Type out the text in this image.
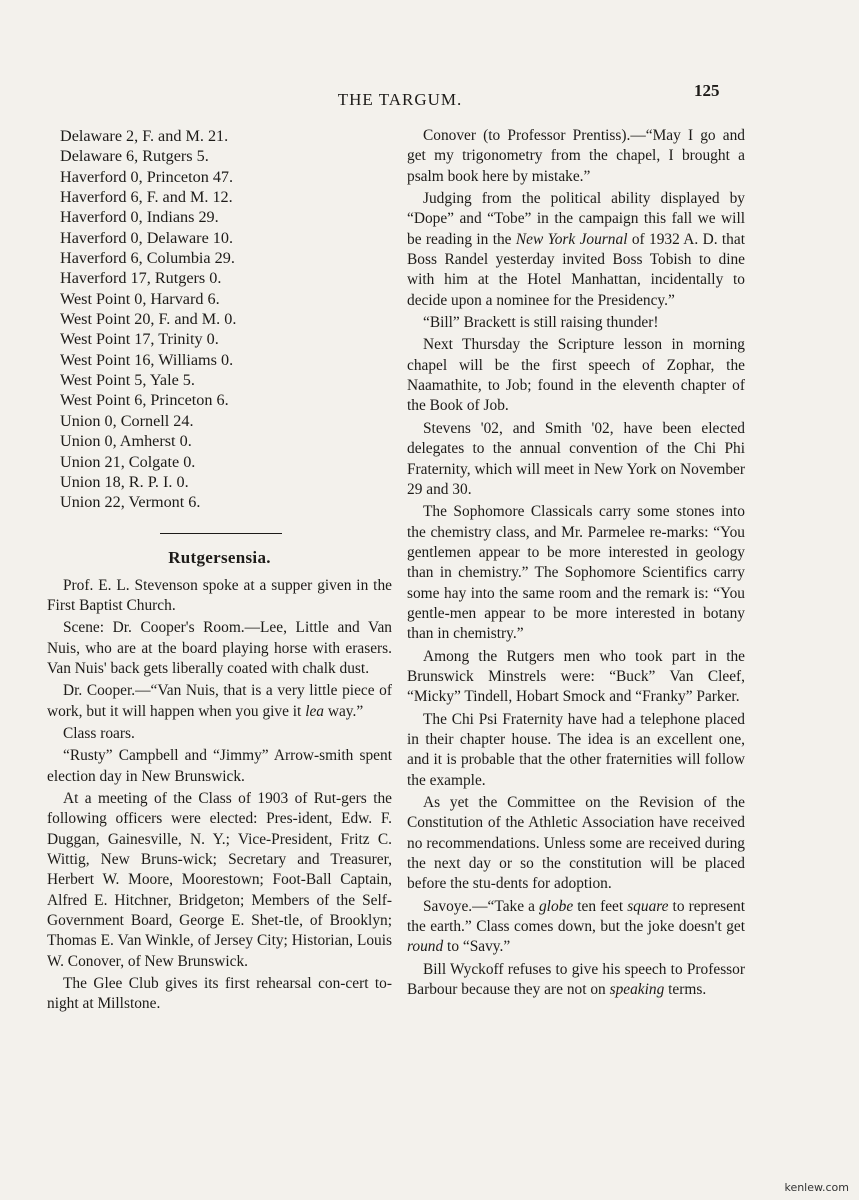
THE TARGUM.	125
Delaware 2, F. and M. 21.
Delaware 6, Rutgers 5.
Haverford 0, Princeton 47.
Haverford 6, F. and M. 12.
Haverford 0, Indians 29.
Haverford 0, Delaware 10.
Haverford 6, Columbia 29.
Haverford 17, Rutgers 0.
West Point 0, Harvard 6.
West Point 20, F. and M. 0.
West Point 17, Trinity 0.
West Point 16, Williams 0.
West Point 5, Yale 5.
West Point 6, Princeton 6.
Union 0, Cornell 24.
Union 0, Amherst 0.
Union 21, Colgate 0.
Union 18, R. P. I. 0.
Union 22, Vermont 6.
Rutgersensia.

Prof. E. L. Stevenson spoke at a supper given in the First Baptist Church.

Scene: Dr. Cooper's Room.—Lee, Little and Van Nuis, who are at the board playing horse with erasers. Van Nuis' back gets liberally coated with chalk dust.

Dr. Cooper.—“Van Nuis, that is a very little piece of work, but it will happen when you give it lea way.”

Class roars.

“Rusty” Campbell and “Jimmy” Arrow-smith spent election day in New Brunswick.

At a meeting of the Class of 1903 of Rut-gers the following officers were elected: Pres-ident, Edw. F. Duggan, Gainesville, N. Y.; Vice-President, Fritz C. Wittig, New Bruns-wick; Secretary and Treasurer, Herbert W. Moore, Moorestown; Foot-Ball Captain, Alfred E. Hitchner, Bridgeton; Members of the Self-Government Board, George E. Shet-tle, of Brooklyn; Thomas E. Van Winkle, of Jersey City; Historian, Louis W. Conover, of New Brunswick.

The Glee Club gives its first rehearsal con-cert to-night at Millstone.

Conover (to Professor Prentiss).—“May I go and get my trigonometry from the chapel, I brought a psalm book here by mistake.”

Judging from the political ability displayed by “Dope” and “Tobe” in the campaign this fall we will be reading in the New York Journal of 1932 A. D. that Boss Randel yesterday invited Boss Tobish to dine with him at the Hotel Manhattan, incidentally to decide upon a nominee for the Presidency.”

“Bill” Brackett is still raising thunder!

Next Thursday the Scripture lesson in morning chapel will be the first speech of Zophar, the Naamathite, to Job; found in the eleventh chapter of the Book of Job.

Stevens '02, and Smith '02, have been elected delegates to the annual convention of the Chi Phi Fraternity, which will meet in New York on November 29 and 30.

The Sophomore Classicals carry some stones into the chemistry class, and Mr. Parmelee re-marks: “You gentlemen appear to be more interested in geology than in chemistry.” The Sophomore Scientifics carry some hay into the same room and the remark is: “You gentle-men appear to be more interested in botany than in chemistry.”

Among the Rutgers men who took part in the Brunswick Minstrels were: “Buck” Van Cleef, “Micky” Tindell, Hobart Smock and “Franky” Parker.

The Chi Psi Fraternity have had a telephone placed in their chapter house. The idea is an excellent one, and it is probable that the other fraternities will follow the example.

As yet the Committee on the Revision of the Constitution of the Athletic Association have received no recommendations. Unless some are received during the next day or so the constitution will be placed before the stu-dents for adoption.

Savoye.—“Take a globe ten feet square to represent the earth.” Class comes down, but the joke doesn't get round to “Savy.”

Bill Wyckoff refuses to give his speech to Professor Barbour because they are not on speaking terms.

kenlew.com
